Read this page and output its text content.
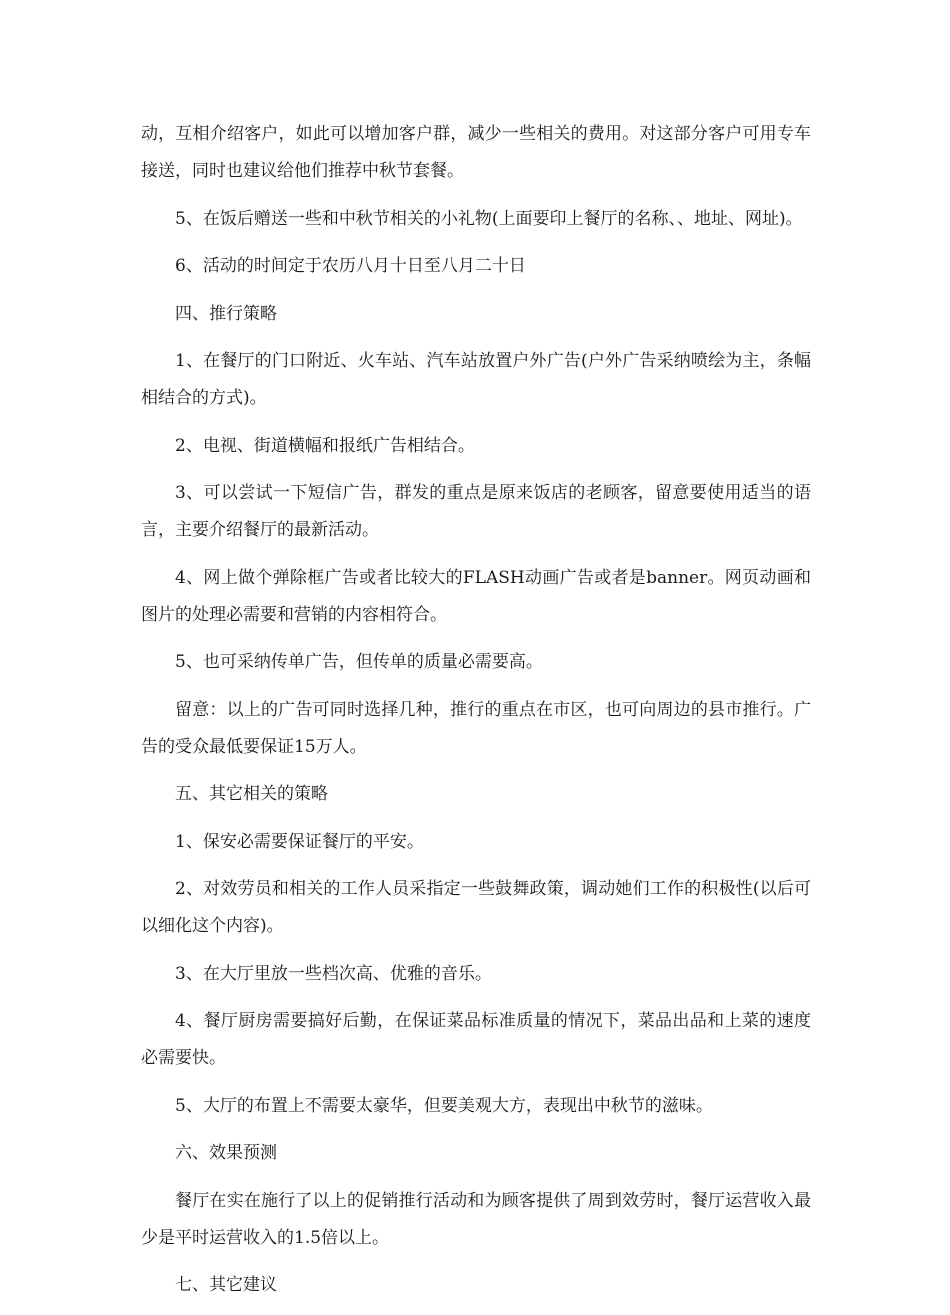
动，互相介绍客户，如此可以增加客户群，减少一些相关的费用。对这部分客户可用专车接送，同时也建议给他们推荐中秋节套餐。

5、在饭后赠送一些和中秋节相关的小礼物(上面要印上餐厅的名称、、地址、网址)。

6、活动的时间定于农历八月十日至八月二十日

四、推行策略

1、在餐厅的门口附近、火车站、汽车站放置户外广告(户外广告采纳喷绘为主，条幅相结合的方式)。

2、电视、街道横幅和报纸广告相结合。

3、可以尝试一下短信广告，群发的重点是原来饭店的老顾客，留意要使用适当的语言，主要介绍餐厅的最新活动。

4、网上做个弹除框广告或者比较大的FLASH动画广告或者是banner。网页动画和图片的处理必需要和营销的内容相符合。

5、也可采纳传单广告，但传单的质量必需要高。

留意：以上的广告可同时选择几种，推行的重点在市区，也可向周边的县市推行。广告的受众最低要保证15万人。

五、其它相关的策略

1、保安必需要保证餐厅的平安。

2、对效劳员和相关的工作人员采指定一些鼓舞政策，调动她们工作的积极性(以后可以细化这个内容)。

3、在大厅里放一些档次高、优雅的音乐。

4、餐厅厨房需要搞好后勤，在保证菜品标准质量的情况下，菜品出品和上菜的速度必需要快。

5、大厅的布置上不需要太豪华，但要美观大方，表现出中秋节的滋味。

六、效果预测

餐厅在实在施行了以上的促销推行活动和为顾客提供了周到效劳时，餐厅运营收入最少是平时运营收入的1.5倍以上。

七、其它建议
